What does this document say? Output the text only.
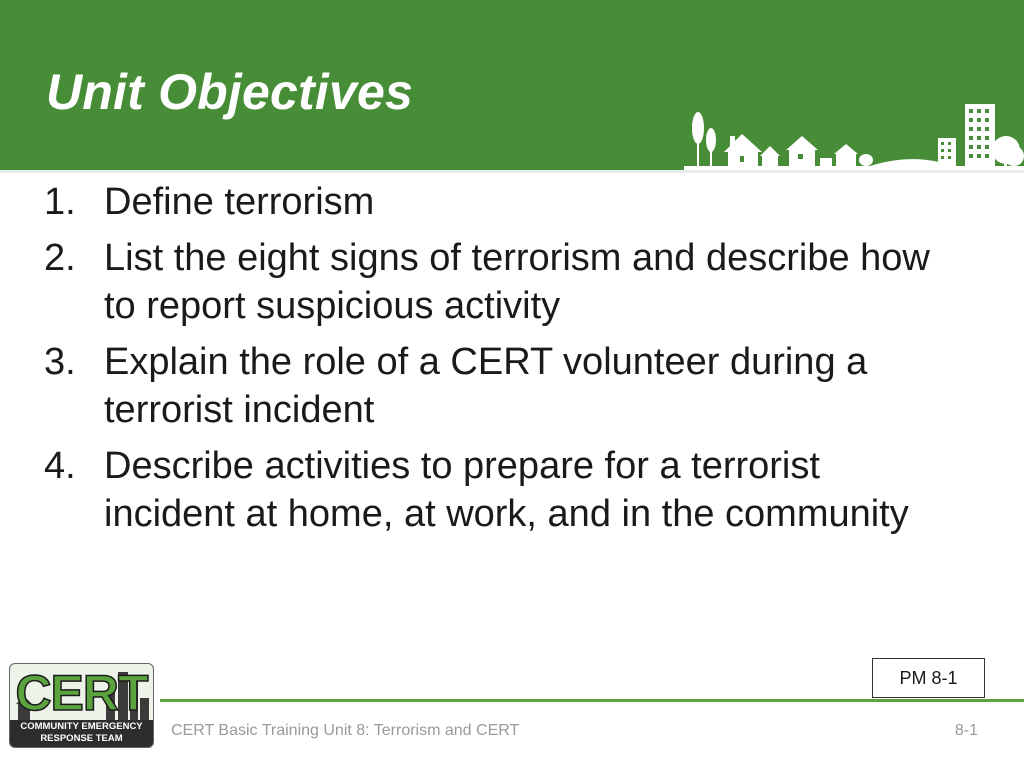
Unit Objectives
1. Define terrorism
2. List the eight signs of terrorism and describe how
to report suspicious activity
3. Explain the role of a CERT volunteer during a
terrorist incident
4. Describe activities to prepare for a terrorist
incident at home, at work, and in the community
PM 8-1
CERT
COMMUNITY EMERGENCY
RESPONSE TEAM	CERT Basic Training Unit 8: Terrorism and CERT	8-1
